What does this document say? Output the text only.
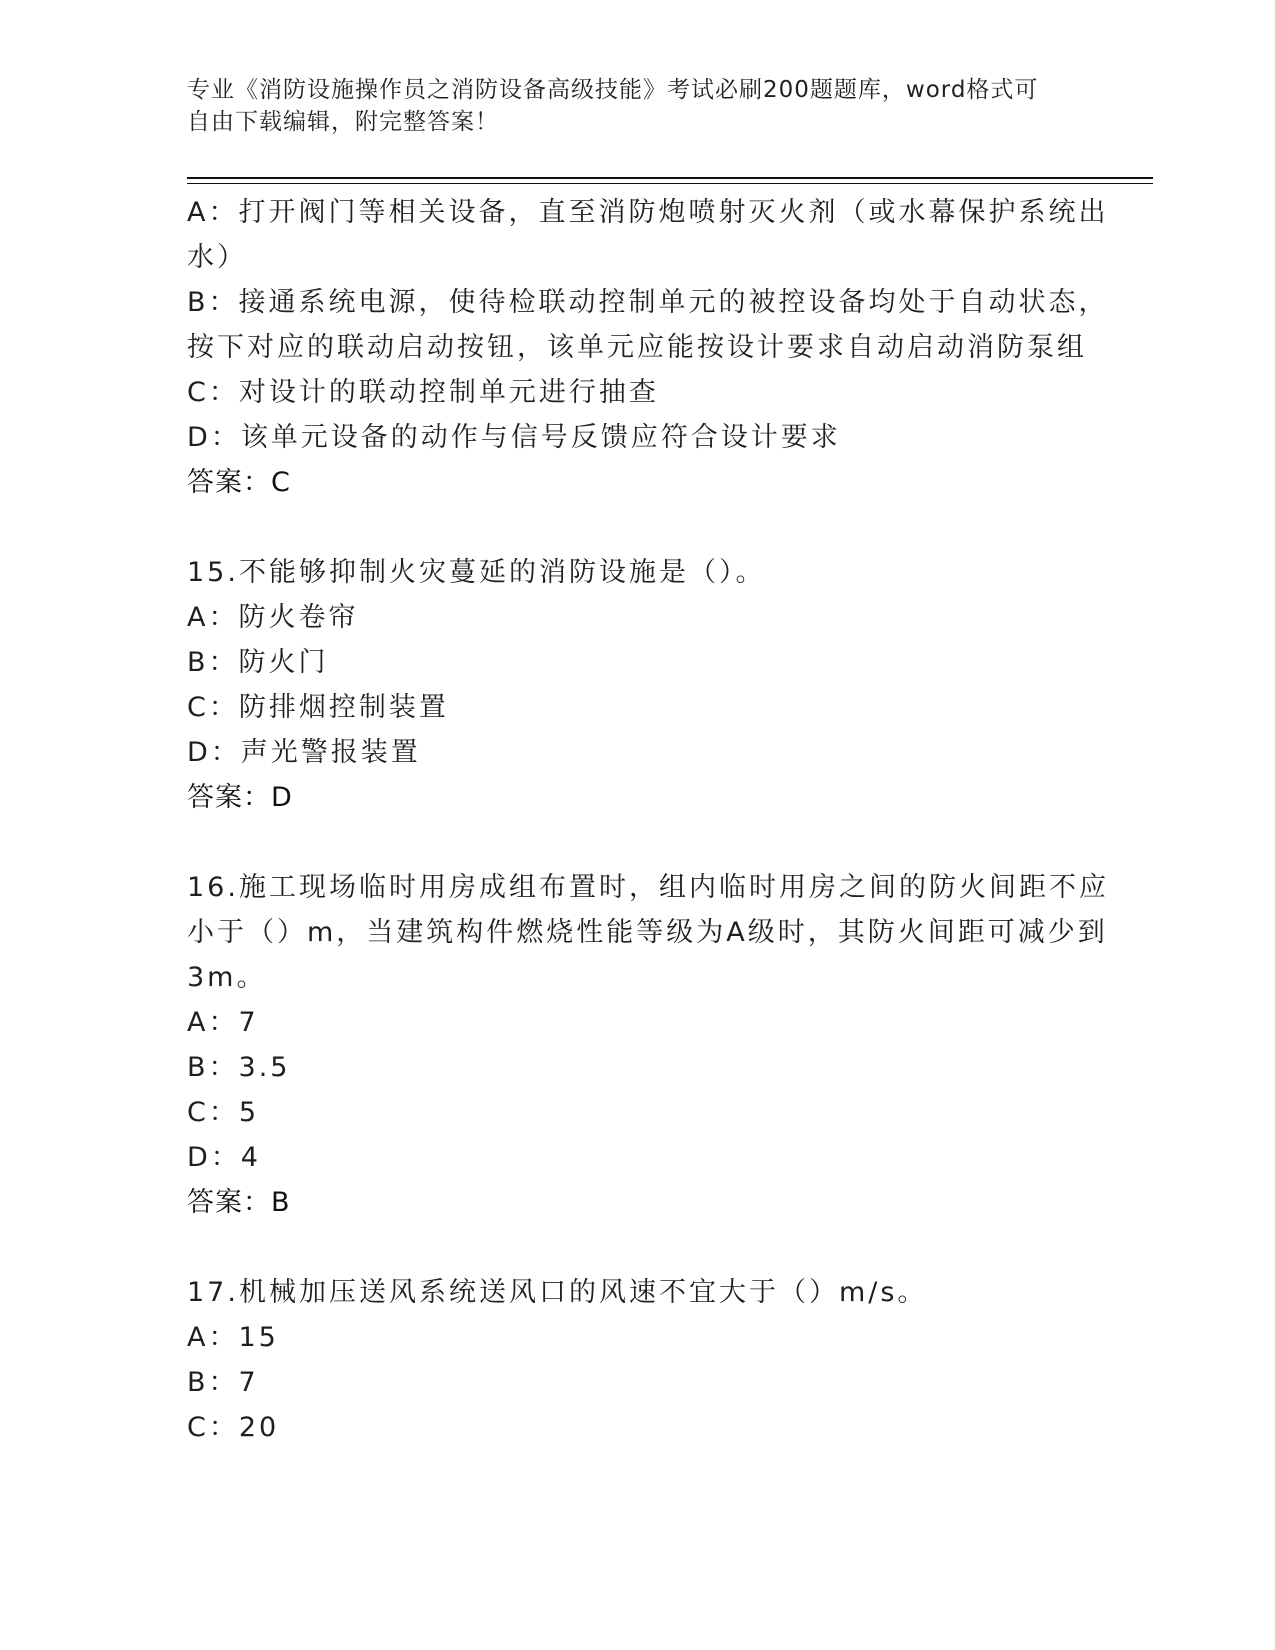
专业《消防设施操作员之消防设备高级技能》考试必刷200题题库，word格式可
自由下载编辑，附完整答案！
A：打开阀门等相关设备，直至消防炮喷射灭火剂（或水幕保护系统出
水）
B：接通系统电源，使待检联动控制单元的被控设备均处于自动状态，
按下对应的联动启动按钮，该单元应能按设计要求自动启动消防泵组
C：对设计的联动控制单元进行抽查
D：该单元设备的动作与信号反馈应符合设计要求
答案：C
15.不能够抑制火灾蔓延的消防设施是（）。
A：防火卷帘
B：防火门
C：防排烟控制装置
D：声光警报装置
答案：D
16.施工现场临时用房成组布置时，组内临时用房之间的防火间距不应
小于（）m，当建筑构件燃烧性能等级为A级时，其防火间距可减少到
3m。
A：7
B：3.5
C：5
D：4
答案：B
17.机械加压送风系统送风口的风速不宜大于（）m/s。
A：15
B：7
C：20
